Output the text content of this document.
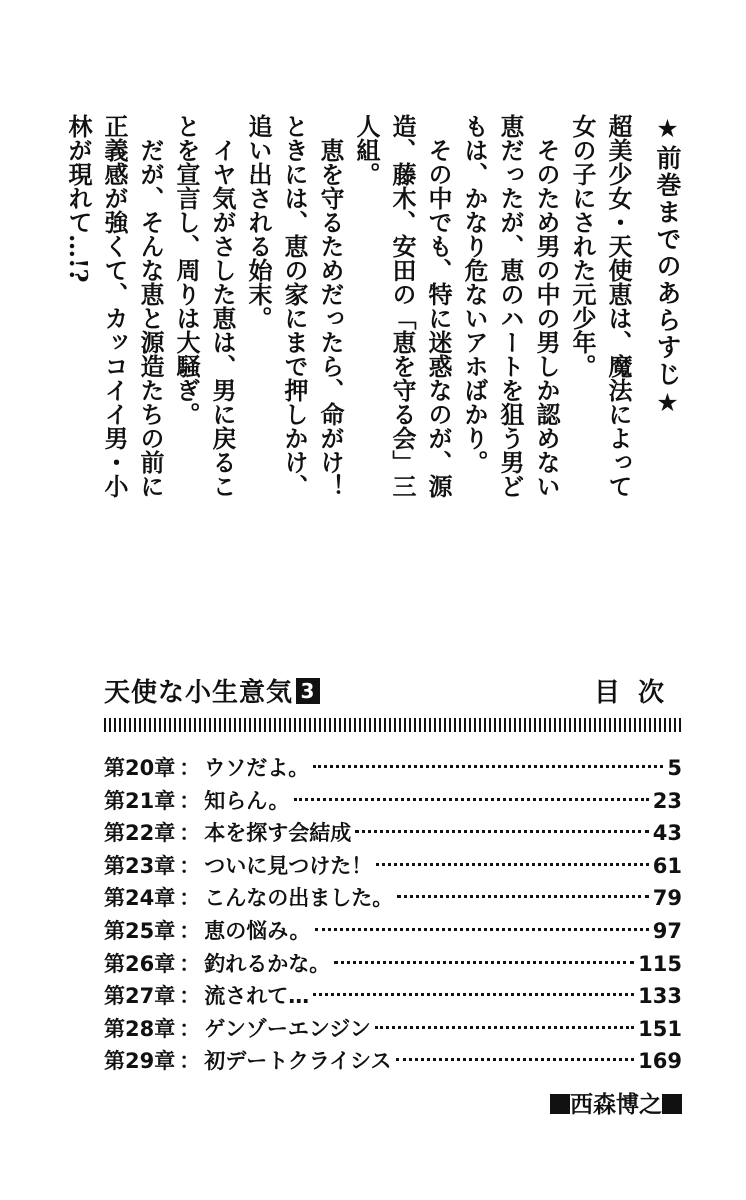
★前巻までのあらすじ★

超美少女・天使恵は、魔法によって女の子にされた元少年。

そのため男の中の男しか認めない恵だったが、恵のハートを狙う男どもは、かなり危ないアホばかり。

その中でも、特に迷惑なのが、源造、藤木、安田の「恵を守る会」三人組。

恵を守るためだったら、命がけ！ときには、恵の家にまで押しかけ、追い出される始末。

イヤ気がさした恵は、男に戻ることを宣言し、周りは大騒ぎ。

だが、そんな恵と源造たちの前に正義感が強くて、カッコイイ男・小林が現れて…!?

天使な小生意気 3	目次
第20章 ： ウソだよ。	5
第21章 ： 知らん。	23
第22章 ： 本を探す会結成	43
第23章 ： ついに見つけた！	61
第24章 ： こんなの出ました。	79
第25章 ： 恵の悩み。	97
第26章 ： 釣れるかな。	115
第27章 ： 流されて…	133
第28章 ： ゲンゾーエンジン	151
第29章 ： 初デートクライシス	169
西森博之
